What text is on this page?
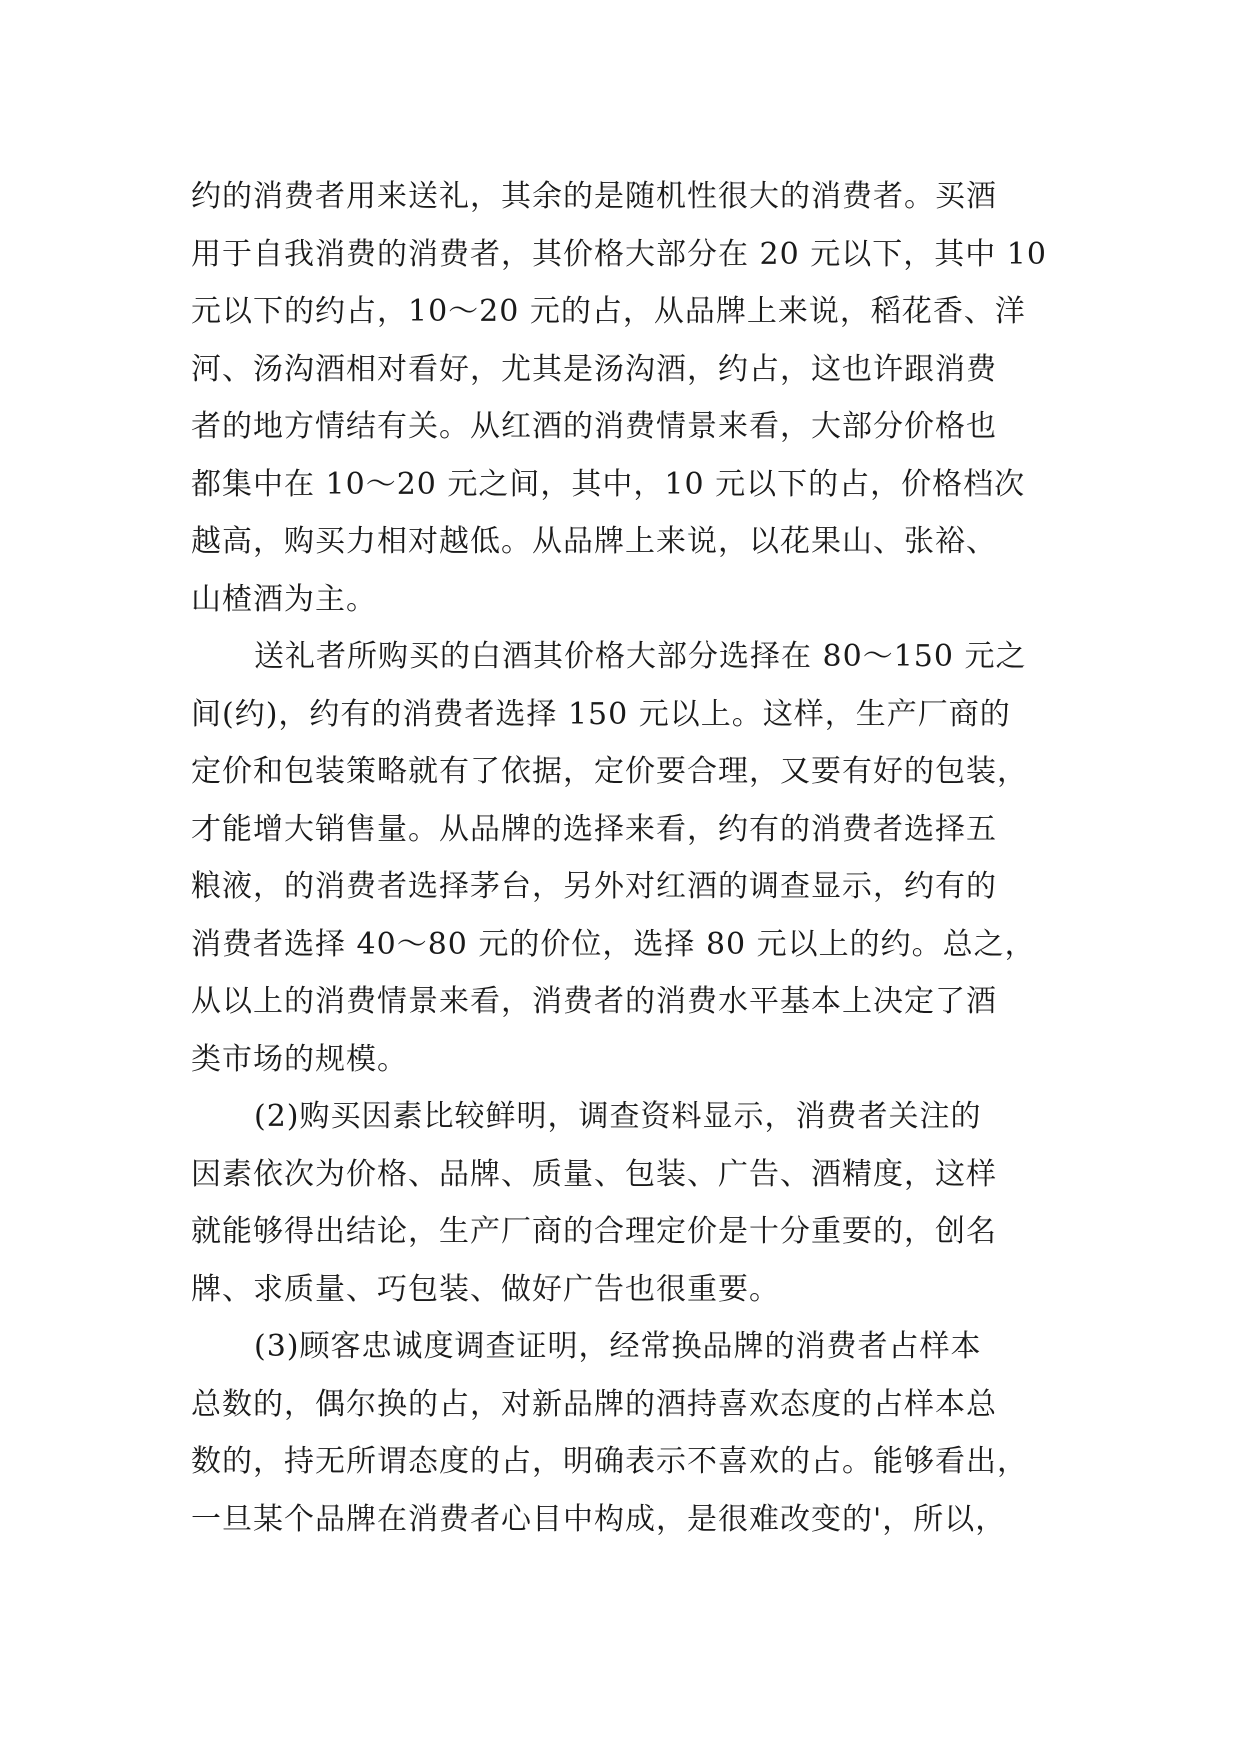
约的消费者用来送礼，其余的是随机性很大的消费者。买酒
用于自我消费的消费者，其价格大部分在 20 元以下，其中 10
元以下的约占，10～20 元的占，从品牌上来说，稻花香、洋
河、汤沟酒相对看好，尤其是汤沟酒，约占，这也许跟消费
者的地方情结有关。从红酒的消费情景来看，大部分价格也
都集中在 10～20 元之间，其中，10 元以下的占，价格档次
越高，购买力相对越低。从品牌上来说，以花果山、张裕、
山楂酒为主。
送礼者所购买的白酒其价格大部分选择在 80～150 元之
间(约)，约有的消费者选择 150 元以上。这样，生产厂商的
定价和包装策略就有了依据，定价要合理，又要有好的包装，
才能增大销售量。从品牌的选择来看，约有的消费者选择五
粮液，的消费者选择茅台，另外对红酒的调查显示，约有的
消费者选择 40～80 元的价位，选择 80 元以上的约。总之，
从以上的消费情景来看，消费者的消费水平基本上决定了酒
类市场的规模。
(2)购买因素比较鲜明，调查资料显示，消费者关注的
因素依次为价格、品牌、质量、包装、广告、酒精度，这样
就能够得出结论，生产厂商的合理定价是十分重要的，创名
牌、求质量、巧包装、做好广告也很重要。
(3)顾客忠诚度调查证明，经常换品牌的消费者占样本
总数的，偶尔换的占，对新品牌的酒持喜欢态度的占样本总
数的，持无所谓态度的占，明确表示不喜欢的占。能够看出，
一旦某个品牌在消费者心目中构成，是很难改变的'，所以，
